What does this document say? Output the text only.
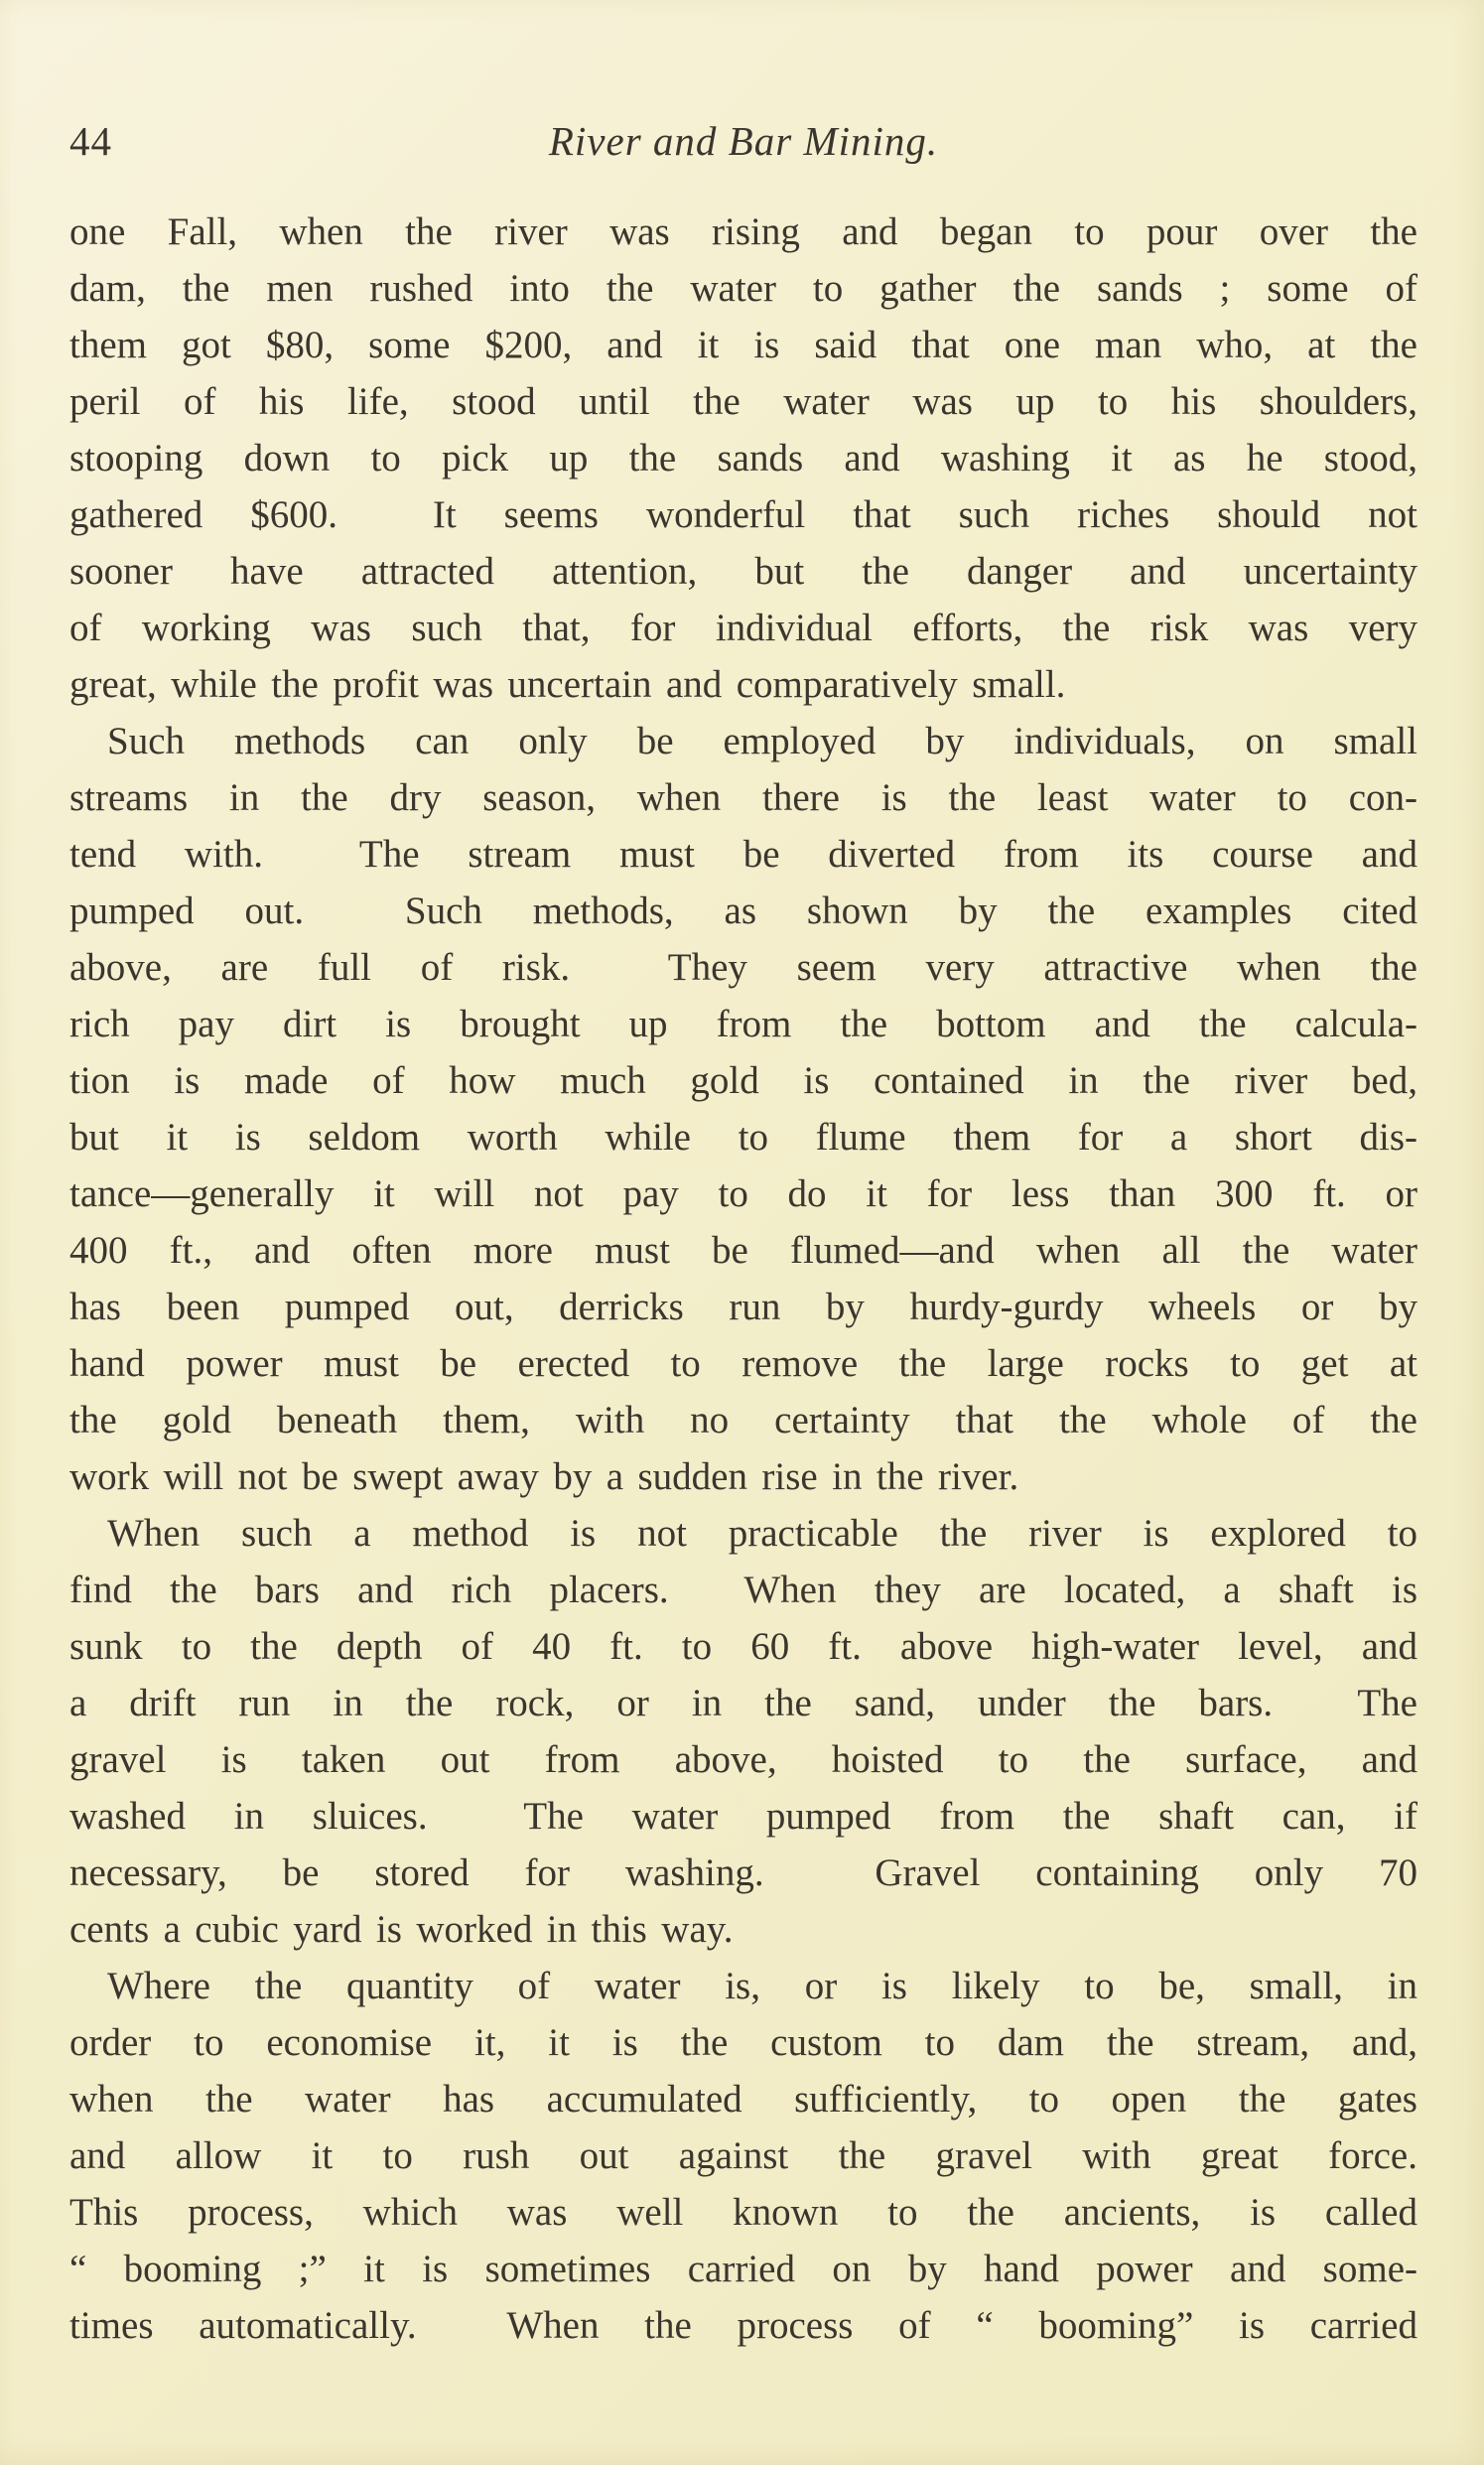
44	River and Bar Mining.
one Fall, when the river was rising and began to pour over the
dam, the men rushed into the water to gather the sands ; some of
them got $80, some $200, and it is said that one man who, at the
peril of his life, stood until the water was up to his shoulders,
stooping down to pick up the sands and washing it as he stood,
gathered $600.  It seems wonderful that such riches should not
sooner have attracted attention, but the danger and uncertainty
of working was such that, for individual efforts, the risk was very
great, while the profit was uncertain and comparatively small.
Such methods can only be employed by individuals, on small
streams in the dry season, when there is the least water to con-
tend with.  The stream must be diverted from its course and
pumped out.  Such methods, as shown by the examples cited
above, are full of risk.  They seem very attractive when the
rich pay dirt is brought up from the bottom and the calcula-
tion is made of how much gold is contained in the river bed,
but it is seldom worth while to flume them for a short dis-
tance—generally it will not pay to do it for less than 300 ft. or
400 ft., and often more must be flumed—and when all the water
has been pumped out, derricks run by hurdy-gurdy wheels or by
hand power must be erected to remove the large rocks to get at
the gold beneath them, with no certainty that the whole of the
work will not be swept away by a sudden rise in the river.
When such a method is not practicable the river is explored to
find the bars and rich placers.  When they are located, a shaft is
sunk to the depth of 40 ft. to 60 ft. above high-water level, and
a drift run in the rock, or in the sand, under the bars.  The
gravel is taken out from above, hoisted to the surface, and
washed in sluices.  The water pumped from the shaft can, if
necessary, be stored for washing.  Gravel containing only 70
cents a cubic yard is worked in this way.
Where the quantity of water is, or is likely to be, small, in
order to economise it, it is the custom to dam the stream, and,
when the water has accumulated sufficiently, to open the gates
and allow it to rush out against the gravel with great force.
This process, which was well known to the ancients, is called
“ booming ;” it is sometimes carried on by hand power and some-
times automatically.  When the process of “ booming” is carried
